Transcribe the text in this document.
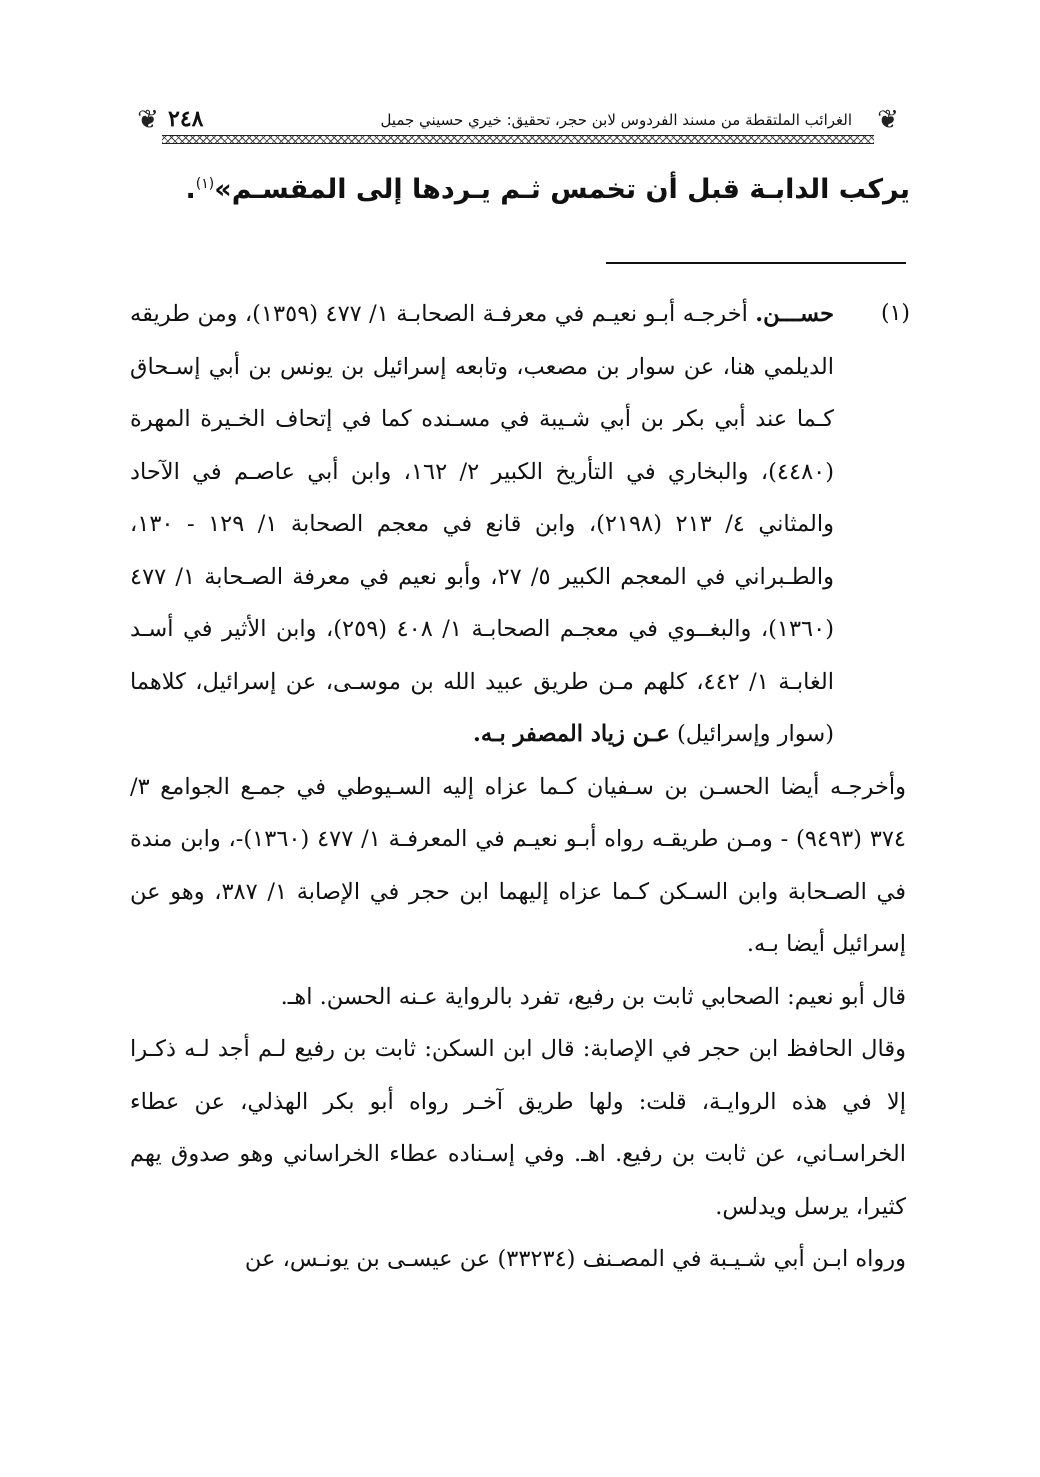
❦
الغرائب الملتقطة من مسند الفردوس لابن حجر، تحقيق: خيري حسيني جميل
٢٤٨
❦
يركب الدابـة قبل أن تخمس ثـم يـردها إلى المقسـم»$^{(١)}$.
(١)

حســـن. أخرجـه أبـو نعيـم في معرفـة الصحابـة ١/ ٤٧٧ (١٣٥٩)، ومن طريقه الديلمي هنا، عن سوار بن مصعب، وتابعه إسرائيل بن يونس بن أبي إسـحاق كـما عند أبي بكر بن أبي شـيبة في مسـنده كما في إتحاف الخـيرة المهرة (٤٤٨٠)، والبخاري في التأريخ الكبير ٢/ ١٦٢، وابن أبي عاصـم في الآحاد والمثاني ٤/ ٢١٣ (٢١٩٨)، وابن قانع في معجم الصحابة ١/ ١٢٩ - ١٣٠، والطـبراني في المعجم الكبير ٥/ ٢٧، وأبو نعيم في معرفة الصـحابة ١/ ٤٧٧ (١٣٦٠)، والبغــوي في معجـم الصحابـة ١/ ٤٠٨ (٢٥٩)، وابن الأثير في أسـد الغابـة ١/ ٤٤٢، كلهم مـن طريق عبيد الله بن موسـى، عن إسرائيل، كلاهما (سوار وإسرائيل) عـن زياد المصفر بـه.

وأخرجـه أيضا الحسـن بن سـفيان كـما عزاه إليه السـيوطي في جمـع الجوامع ٣/ ٣٧٤ (٩٤٩٣) - ومـن طريقـه رواه أبـو نعيـم في المعرفـة ١/ ٤٧٧ (١٣٦٠)-، وابن مندة في الصـحابة وابن السـكن كـما عزاه إليهما ابن حجر في الإصابة ١/ ٣٨٧، وهو عن إسرائيل أيضا بـه.

قال أبو نعيم: الصحابي ثابت بن رفيع، تفرد بالرواية عـنه الحسن. اهـ.

وقال الحافظ ابن حجر في الإصابة: قال ابن السكن: ثابت بن رفيع لـم أجد لـه ذكـرا إلا في هذه الروايـة، قلت: ولها طريق آخـر رواه أبو بكر الهذلي، عن عطاء الخراسـاني، عن ثابت بن رفيع. اهـ. وفي إسـناده عطاء الخراساني وهو صدوق يهم كثيرا، يرسل ويدلس.

ورواه ابـن أبي شـيـبة في المصـنف (٣٣٢٣٤) عن عيسـى بن يونـس، عن
